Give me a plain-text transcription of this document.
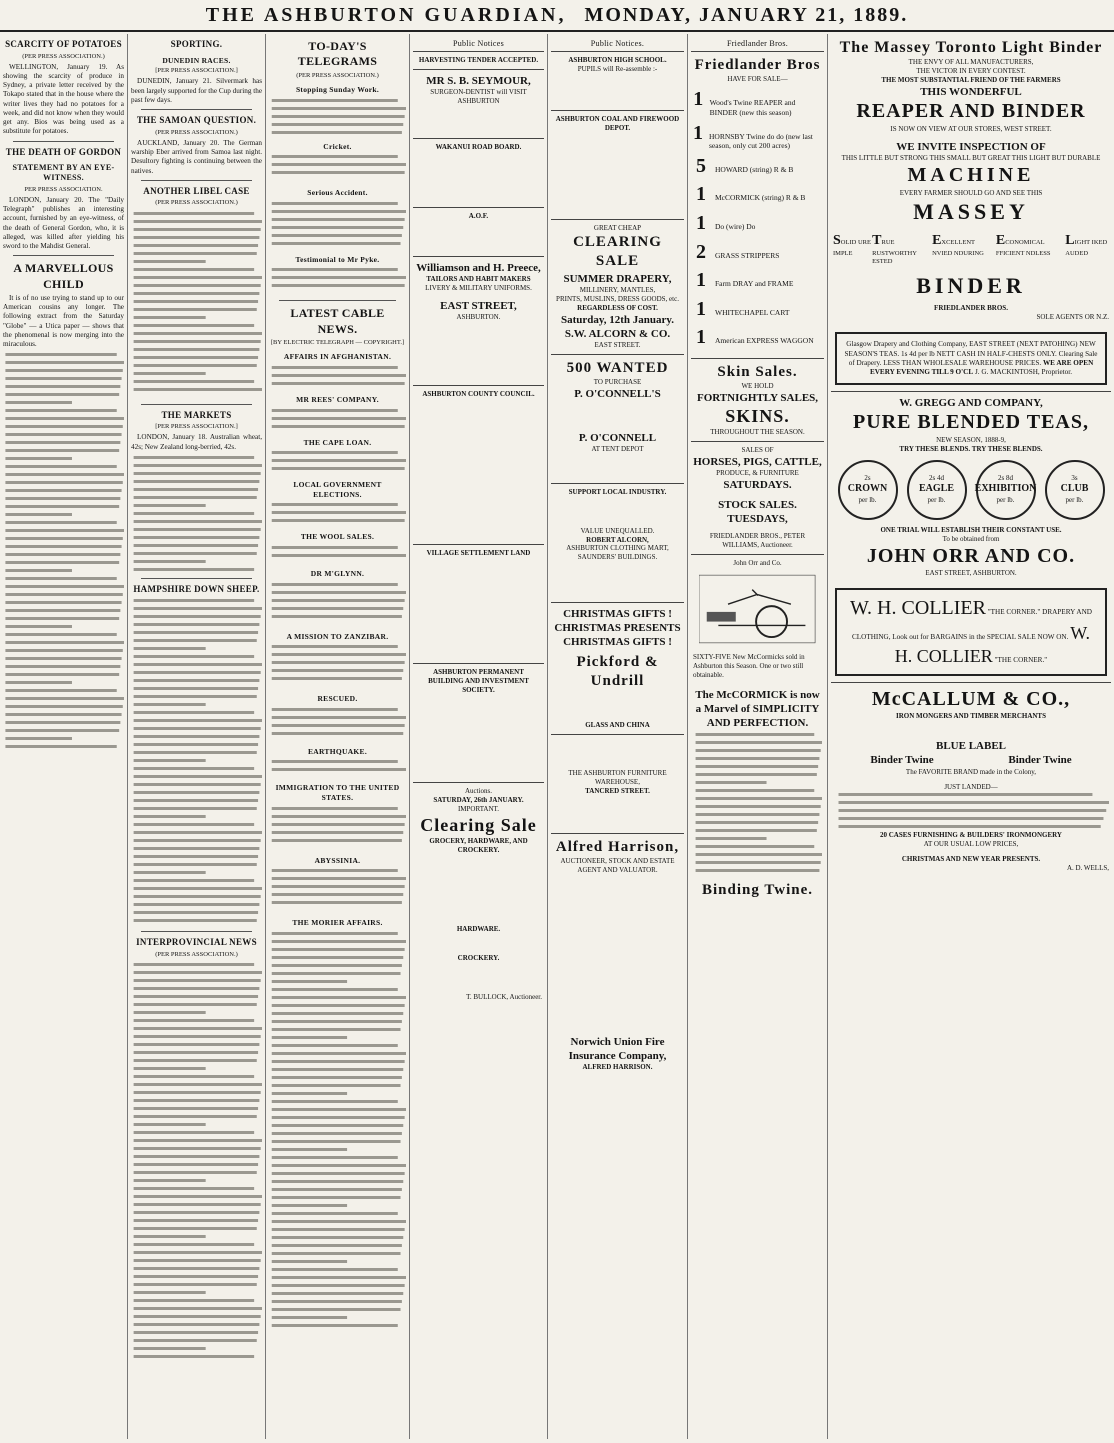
THE ASHBURTON GUARDIAN, MONDAY, JANUARY 21, 1889.
SCARCITY OF POTATOES
(PER PRESS ASSOCIATION.)
WELLINGTON, January 19. As showing the scarcity of produce in Sydney, a private letter received by the Tokapo stated that in the house where the writer lives they had no potatoes for a week, and did not know when they would get any. Bios was being used as a substitute for potatoes.
THE DEATH OF GORDON
STATEMENT BY AN EYE-WITNESS.
PER PRESS ASSOCIATION.
LONDON, January 20. The "Daily Telegraph" publishes an interesting account, furnished by an eye-witness, of the death of General Gordon, who, it is alleged, was killed after yielding his sword to the Mahdist General.
A MARVELLOUS CHILD
It is of no use trying to stand up to our American cousins any longer. The following extract from the Saturday "Globe" — a Utica paper — shows that the phenomenal is now merging into the miraculous.
SPORTING.
DUNEDIN RACES.
[PER PRESS ASSOCIATION.]
DUNEDIN, January 21. Silvermark has been largely supported for the Cup during the past few days.
THE SAMOAN QUESTION.
(PER PRESS ASSOCIATION.)
AUCKLAND, January 20. The German warship Eber arrived from Samoa last night. Desultory fighting is continuing between the natives.
ANOTHER LIBEL CASE
(PER PRESS ASSOCIATION.)
THE MARKETS
[PER PRESS ASSOCIATION.]
LONDON, January 18. Australian wheat, 42s; New Zealand long-berried, 42s.
HAMPSHIRE DOWN SHEEP.
INTERPROVINCIAL NEWS
(PER PRESS ASSOCIATION.)
TO-DAY'S TELEGRAMS
(PER PRESS ASSOCIATION.)
Stopping Sunday Work.
Cricket.
Serious Accident.
Testimonial to Mr Pyke.
LATEST CABLE NEWS.
[BY ELECTRIC TELEGRAPH — COPYRIGHT.]
AFFAIRS IN AFGHANISTAN.
MR REES' COMPANY.
THE CAPE LOAN.
LOCAL GOVERNMENT ELECTIONS.
THE WOOL SALES.
DR M'GLYNN.
A MISSION TO ZANZIBAR.
RESCUED.
EARTHQUAKE.
IMMIGRATION TO THE UNITED STATES.
ABYSSINIA.
THE MORIER AFFAIRS.
Public Notices
HARVESTING TENDER ACCEPTED.
MR S. B. SEYMOUR,
SURGEON-DENTIST will VISIT ASHBURTON
WAKANUI ROAD BOARD.
A.O.F.
Williamson and H. Preece,
TAILORS AND HABIT MAKERS
LIVERY & MILITARY UNIFORMS.
EAST STREET,
ASHBURTON.
ASHBURTON COUNTY COUNCIL.
VILLAGE SETTLEMENT LAND
ASHBURTON PERMANENT BUILDING AND INVESTMENT SOCIETY.
Auctions.
SATURDAY, 26th JANUARY.
IMPORTANT.
Clearing Sale
GROCERY, HARDWARE, AND CROCKERY.
HARDWARE.
CROCKERY.
T. BULLOCK, Auctioneer.
Public Notices.
ASHBURTON HIGH SCHOOL.
PUPILS will Re-assemble :-
ASHBURTON COAL AND FIREWOOD DEPOT.
GREAT CHEAP
CLEARING SALE
SUMMER DRAPERY,
MILLINERY, MANTLES,
PRINTS, MUSLINS, DRESS GOODS, etc.
REGARDLESS OF COST.
Saturday, 12th January.
S.W. ALCORN & CO.
EAST STREET.
500 WANTED
TO PURCHASE
P. O'CONNELL'S
P. O'CONNELL
AT TENT DEPOT
SUPPORT LOCAL INDUSTRY.
VALUE UNEQUALLED.
ROBERT ALCORN,
ASHBURTON CLOTHING MART,
SAUNDERS' BUILDINGS.
CHRISTMAS GIFTS !
CHRISTMAS PRESENTS
CHRISTMAS GIFTS !
Pickford & Undrill
GLASS AND CHINA
THE ASHBURTON FURNITURE WAREHOUSE,
TANCRED STREET.
Alfred Harrison,
AUCTIONEER, STOCK AND ESTATE AGENT AND VALUATOR.
Norwich Union Fire Insurance Company,
ALFRED HARRISON.
Friedlander Bros.
Friedlander Bros
HAVE FOR SALE—
1 Wood's Twine REAPER and BINDER (new this season)
1 HORNSBY Twine do do (new last season, only cut 200 acres)
5	HOWARD (string) R & B
1	McCORMICK (string) R & B
1	Do (wire) Do
2	GRASS STRIPPERS
1	Farm DRAY and FRAME
1	WHITECHAPEL CART
1	American EXPRESS WAGGON
Skin Sales.
WE HOLD
FORTNIGHTLY SALES,
SKINS.
THROUGHOUT THE SEASON.
SALES OF
HORSES, PIGS, CATTLE,
PRODUCE, & FURNITURE
SATURDAYS.
STOCK SALES.
TUESDAYS,
FRIEDLANDER BROS., PETER WILLIAMS, Auctioneer.
John Orr and Co.
SIXTY-FIVE New McCormicks sold in Ashburton this Season. One or two still obtainable.
The McCORMICK is now a Marvel of SIMPLICITY AND PERFECTION.
Binding Twine.
The Massey Toronto Light Binder
THE ENVY OF ALL MANUFACTURERS,
THE VICTOR IN EVERY CONTEST.
THE MOST SUBSTANTIAL FRIEND OF THE FARMERS
THIS WONDERFUL
REAPER AND BINDER
IS NOW ON VIEW AT OUR STORES, WEST STREET.
WE INVITE INSPECTION OF
THIS LITTLE BUT STRONG THIS SMALL BUT GREAT THIS LIGHT BUT DURABLE
MACHINE
EVERY FARMER SHOULD GO AND SEE THIS
MASSEY
SOLID URE IMPLE
TRUE RUSTWORTHY ESTED
EXCELLENT NVIED NDURING
ECONOMICAL FFICIENT NDLESS
LIGHT IKED AUDED
BINDER
FRIEDLANDER BROS.
SOLE AGENTS OR N.Z.
Glasgow Drapery and Clothing Company, EAST STREET (NEXT PATOHING) NEW SEASON'S TEAS. 1s 4d per lb NETT CASH IN HALF-CHESTS ONLY. Clearing Sale of Drapery. LESS THAN WHOLESALE WAREHOUSE PRICES. WE ARE OPEN EVERY EVENING TILL 9 O'CL J. G. MACKINTOSH, Proprietor.
W. GREGG AND COMPANY,
PURE BLENDED TEAS,
NEW SEASON, 1888-9,
TRY THESE BLENDS. TRY THESE BLENDS.
2s
CROWN
per lb.
2s 4d
EAGLE
per lb.
2s 8d
EXHIBITION
per lb.
3s
CLUB
per lb.
ONE TRIAL WILL ESTABLISH THEIR CONSTANT USE.
To be obtained from
JOHN ORR AND CO.
EAST STREET, ASHBURTON.
W. H. COLLIER "THE CORNER." DRAPERY AND CLOTHING, Look out for BARGAINS in the SPECIAL SALE NOW ON. W. H. COLLIER "THE CORNER."
McCALLUM & CO.,
IRON MONGERS AND TIMBER MERCHANTS
BLUE LABEL
Binder Twine	Binder Twine
The FAVORITE BRAND made in the Colony,
JUST LANDED—
20 CASES FURNISHING & BUILDERS' IRONMONGERY
AT OUR USUAL LOW PRICES,
CHRISTMAS AND NEW YEAR PRESENTS.
A. D. WELLS,
